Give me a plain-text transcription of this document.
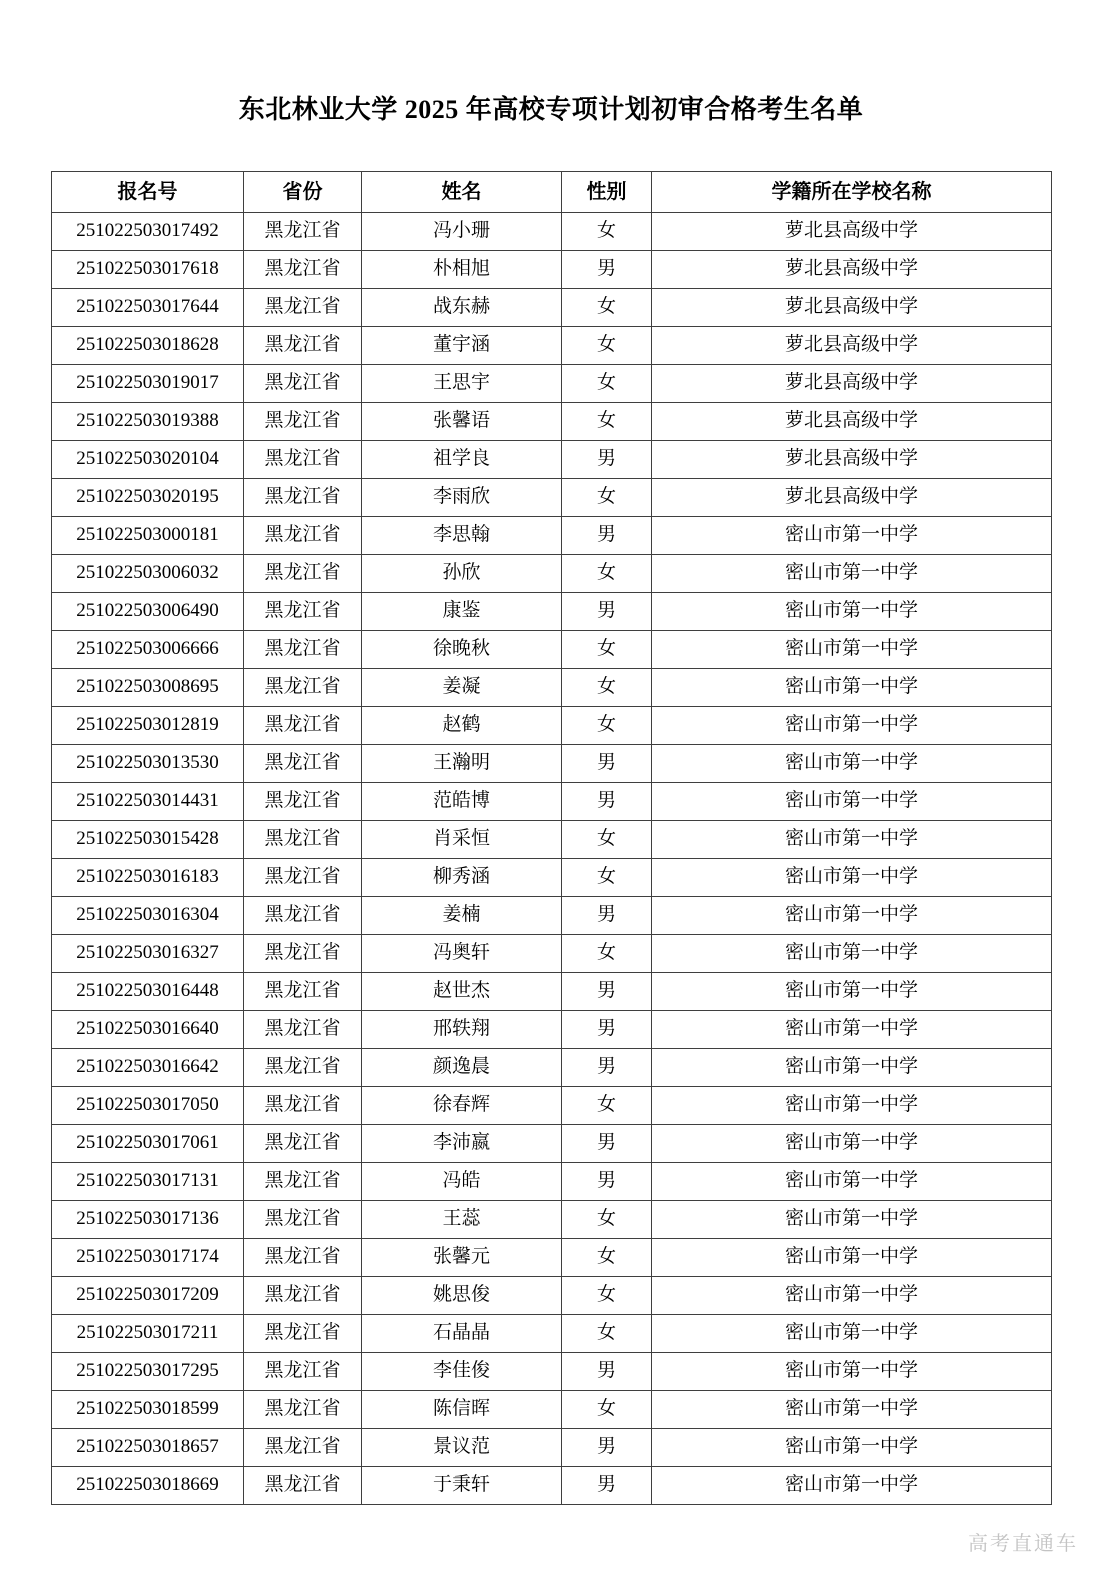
东北林业大学 2025 年高校专项计划初审合格考生名单
报名号	省份	姓名	性别	学籍所在学校名称
251022503017492	黑龙江省	冯小珊	女	萝北县高级中学
251022503017618	黑龙江省	朴相旭	男	萝北县高级中学
251022503017644	黑龙江省	战东赫	女	萝北县高级中学
251022503018628	黑龙江省	董宇涵	女	萝北县高级中学
251022503019017	黑龙江省	王思宇	女	萝北县高级中学
251022503019388	黑龙江省	张馨语	女	萝北县高级中学
251022503020104	黑龙江省	祖学良	男	萝北县高级中学
251022503020195	黑龙江省	李雨欣	女	萝北县高级中学
251022503000181	黑龙江省	李思翰	男	密山市第一中学
251022503006032	黑龙江省	孙欣	女	密山市第一中学
251022503006490	黑龙江省	康鉴	男	密山市第一中学
251022503006666	黑龙江省	徐晚秋	女	密山市第一中学
251022503008695	黑龙江省	姜凝	女	密山市第一中学
251022503012819	黑龙江省	赵鹤	女	密山市第一中学
251022503013530	黑龙江省	王瀚明	男	密山市第一中学
251022503014431	黑龙江省	范皓博	男	密山市第一中学
251022503015428	黑龙江省	肖采恒	女	密山市第一中学
251022503016183	黑龙江省	柳秀涵	女	密山市第一中学
251022503016304	黑龙江省	姜楠	男	密山市第一中学
251022503016327	黑龙江省	冯奥轩	女	密山市第一中学
251022503016448	黑龙江省	赵世杰	男	密山市第一中学
251022503016640	黑龙江省	邢轶翔	男	密山市第一中学
251022503016642	黑龙江省	颜逸晨	男	密山市第一中学
251022503017050	黑龙江省	徐春辉	女	密山市第一中学
251022503017061	黑龙江省	李沛嬴	男	密山市第一中学
251022503017131	黑龙江省	冯皓	男	密山市第一中学
251022503017136	黑龙江省	王蕊	女	密山市第一中学
251022503017174	黑龙江省	张馨元	女	密山市第一中学
251022503017209	黑龙江省	姚思俊	女	密山市第一中学
251022503017211	黑龙江省	石晶晶	女	密山市第一中学
251022503017295	黑龙江省	李佳俊	男	密山市第一中学
251022503018599	黑龙江省	陈信晖	女	密山市第一中学
251022503018657	黑龙江省	景议范	男	密山市第一中学
251022503018669	黑龙江省	于秉轩	男	密山市第一中学
高考直通车
